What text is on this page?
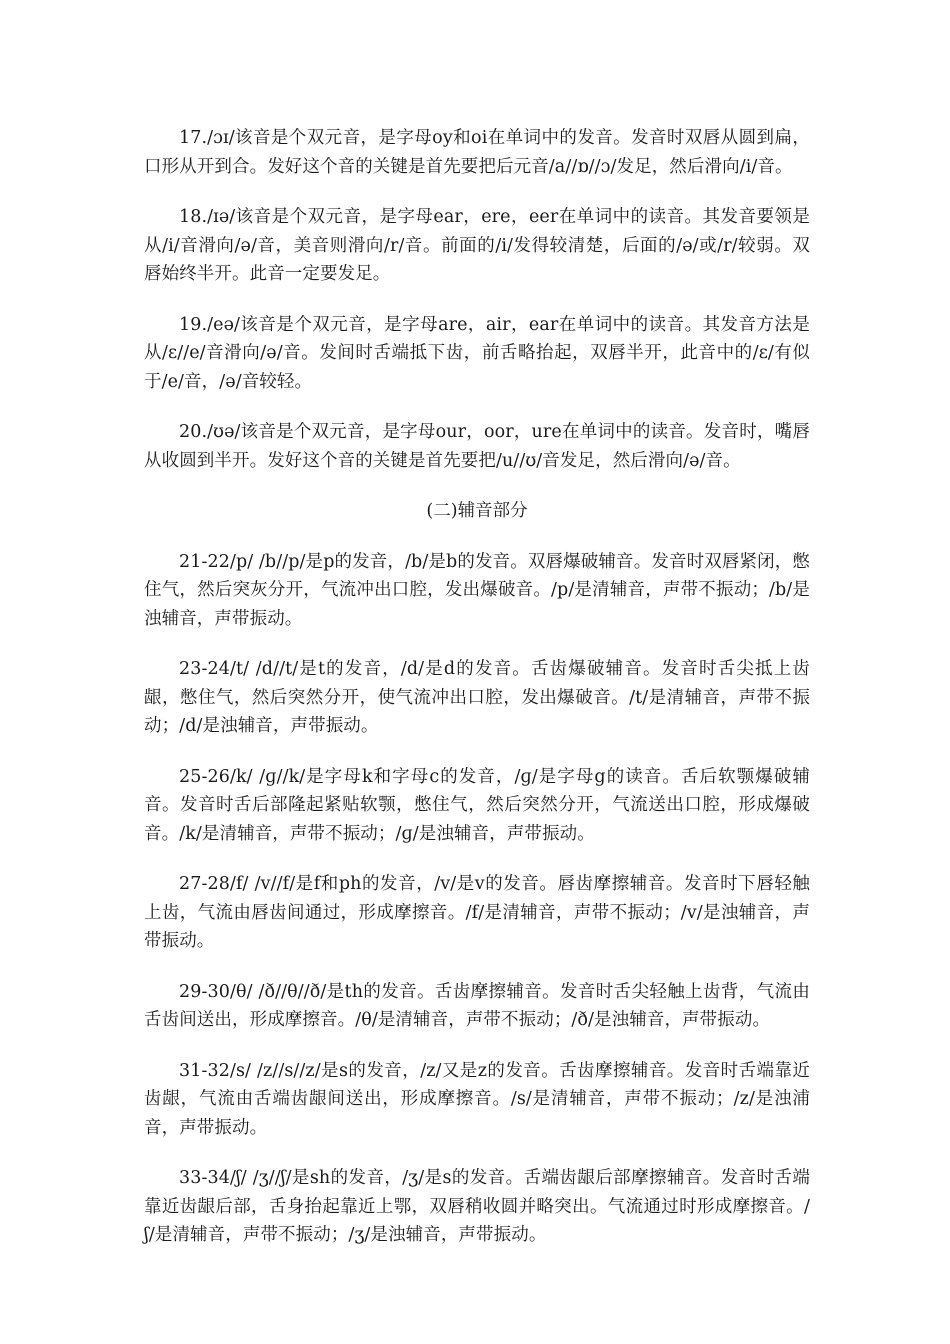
17./ɔɪ/该音是个双元音，是字母oy和oi在单词中的发音。发音时双唇从圆到扁，口形从开到合。发好这个音的关键是首先要把后元音/a//ɒ//ɔ/发足，然后滑向/i/音。

18./ɪə/该音是个双元音，是字母ear，ere，eer在单词中的读音。其发音要领是从/i/音滑向/ə/音，美音则滑向/r/音。前面的/i/发得较清楚，后面的/ə/或/r/较弱。双唇始终半开。此音一定要发足。

19./eə/该音是个双元音，是字母are，air，ear在单词中的读音。其发音方法是从/ε//e/音滑向/ə/音。发间时舌端抵下齿，前舌略抬起，双唇半开，此音中的/ε/有似于/e/音，/ə/音较轻。

20./ʊə/该音是个双元音，是字母our，oor，ure在单词中的读音。发音时，嘴唇从收圆到半开。发好这个音的关键是首先要把/u//ʊ/音发足，然后滑向/ə/音。

(二)辅音部分

21-22/p/ /b//p/是p的发音，/b/是b的发音。双唇爆破辅音。发音时双唇紧闭，憋住气，然后突灰分开，气流冲出口腔，发出爆破音。/p/是清辅音，声带不振动；/b/是浊辅音，声带振动。

23-24/t/ /d//t/是t的发音，/d/是d的发音。舌齿爆破辅音。发音时舌尖抵上齿龈，憋住气，然后突然分开，使气流冲出口腔，发出爆破音。/t/是清辅音，声带不振动；/d/是浊辅音，声带振动。

25-26/k/ /ɡ//k/是字母k和字母c的发音，/ɡ/是字母g的读音。舌后软颚爆破辅音。发音时舌后部隆起紧贴软颚，憋住气，然后突然分开，气流送出口腔，形成爆破音。/k/是清辅音，声带不振动；/ɡ/是浊辅音，声带振动。

27-28/f/ /v//f/是f和ph的发音，/v/是v的发音。唇齿摩擦辅音。发音时下唇轻触上齿，气流由唇齿间通过，形成摩擦音。/f/是清辅音，声带不振动；/v/是浊辅音，声带振动。

29-30/θ/ /ð//θ//ð/是th的发音。舌齿摩擦辅音。发音时舌尖轻触上齿背，气流由舌齿间送出，形成摩擦音。/θ/是清辅音，声带不振动；/ð/是浊辅音，声带振动。

31-32/s/ /z//s//z/是s的发音，/z/又是z的发音。舌齿摩擦辅音。发音时舌端靠近齿龈，气流由舌端齿龈间送出，形成摩擦音。/s/是清辅音，声带不振动；/z/是浊浦音，声带振动。

33-34/ʃ/ /ʒ//ʃ/是sh的发音，/ʒ/是s的发音。舌端齿龈后部摩擦辅音。发音时舌端靠近齿龈后部，舌身抬起靠近上鄂，双唇稍收圆并略突出。气流通过时形成摩擦音。/ʃ/是清辅音，声带不振动；/ʒ/是浊辅音，声带振动。
